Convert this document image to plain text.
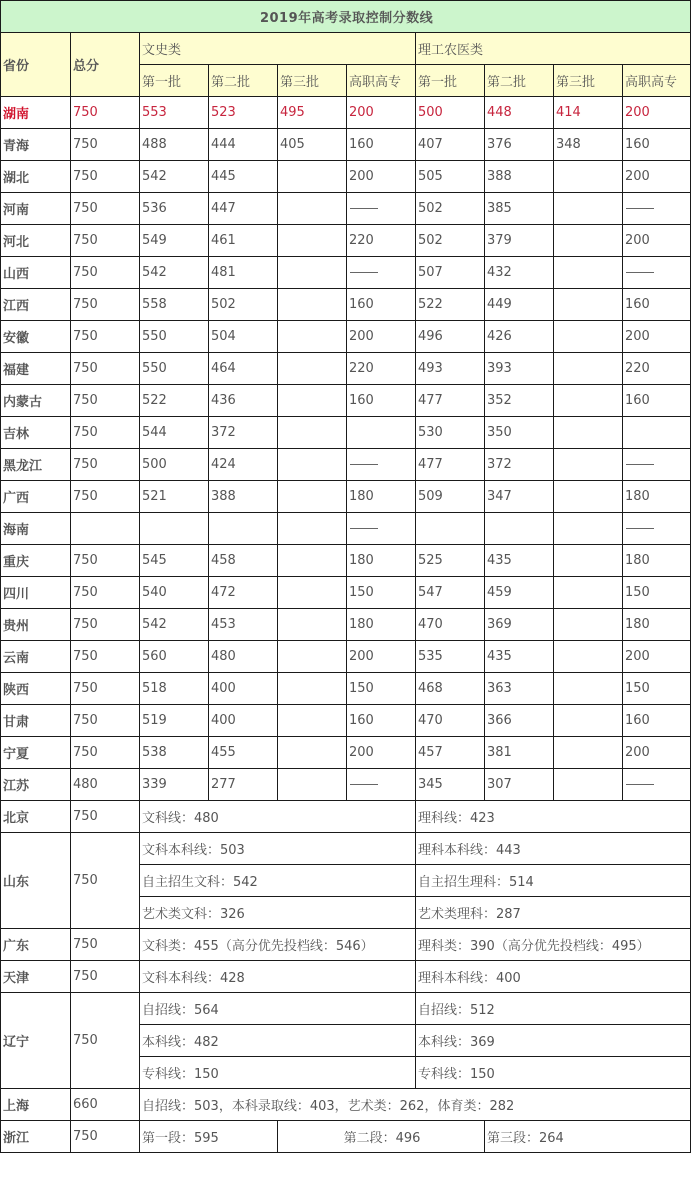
2019年高考录取控制分数线									
省份	总分	文史类				理工农医类			
		第一批	第二批	第三批	高职高专	第一批	第二批	第三批	高职高专
湖南	750	553	523	495	200	500	448	414	200
青海	750	488	444	405	160	407	376	348	160
湖北	750	542	445		200	505	388		200
河南	750	536	447			502	385		
河北	750	549	461		220	502	379		200
山西	750	542	481			507	432		
江西	750	558	502		160	522	449		160
安徽	750	550	504		200	496	426		200
福建	750	550	464		220	493	393		220
内蒙古	750	522	436		160	477	352		160
吉林	750	544	372			530	350		
黑龙江	750	500	424			477	372		
广西	750	521	388		180	509	347		180
海南									
重庆	750	545	458		180	525	435		180
四川	750	540	472		150	547	459		150
贵州	750	542	453		180	470	369		180
云南	750	560	480		200	535	435		200
陕西	750	518	400		150	468	363		150
甘肃	750	519	400		160	470	366		160
宁夏	750	538	455		200	457	381		200
江苏	480	339	277			345	307		
北京	750	文科线：480				理科线：423			
山东	750	文科本科线：503				理科本科线：443			
		自主招生文科：542				自主招生理科：514			
		艺术类文科：326				艺术类理科：287			
广东	750	文科类：455（高分优先投档线：546）				理科类：390（高分优先投档线：495）			
天津	750	文科本科线：428				理科本科线：400			
辽宁	750	自招线：564				自招线：512			
		本科线：482				本科线：369			
		专科线：150				专科线：150			
上海	660	自招线：503，本科录取线：403，艺术类：262，体育类：282							
浙江	750	第一段：595		第二段：496			第三段：264		
